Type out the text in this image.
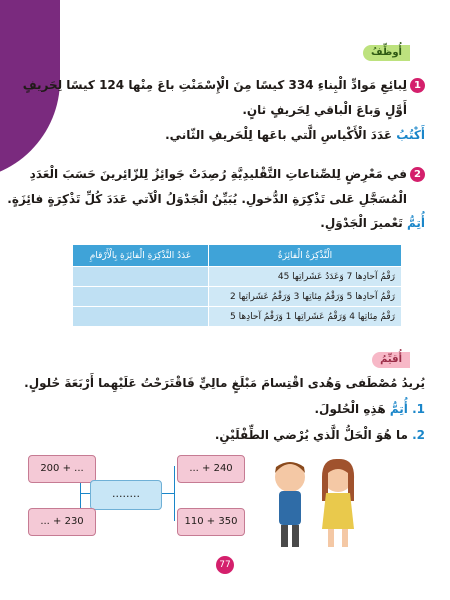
أُوظِّفُ
1
لِبائِعِ مَوادِّ الْبِناءِ 334 كيسًا مِنَ الْإِسْمَنْتِ باعَ مِنْها 124 كيسًا لِحَريفٍ
أَوَّلٍ وَباعَ الْباقي لِحَريفٍ ثانٍ.
أَكْتُبُ عَدَدَ الْأَكْياسِ الَّتي باعَها لِلْحَريفِ الثّاني.
2
في مَعْرِضٍ لِلصِّناعاتِ التَّقْليدِيَّةِ رُصِدَتْ جَوائِزُ لِلزّائِرينَ حَسَبَ الْعَدَدِ
الْمُسَجَّلِ عَلى تَذْكِرَةِ الدُّخولِ. يُبَيِّنُ الْجَدْوَلُ الْآتي عَدَدَ كُلِّ تَذْكِرَةٍ فائِزَةٍ.
أُتِمُّ تَعْميرَ الْجَدْوَلِ.
الْتَّذْكِرَةُ الْفائِزَةُ	عَدَدُ التَّذْكِرَةِ الْفائِزَةِ بِالْأَرْقامِ
رَقْمُ آحادِها 7 وَعَدَدُ عَشَراتِها 45	
رَقْمُ آحادِها 5 وَرَقْمُ مِئاتِها 3 وَرَقْمُ عَشَراتِها 2	
رَقْمُ مِئاتِها 4 وَرَقْمُ عَشَراتِها 1 وَرَقْمُ آحادِها 5	
أُقيِّمُ
يُريدُ مُصْطَفى وَهُدى اقْتِسامَ مَبْلَغٍ مالِيٍّ فَاقْتَرَحْتُ عَلَيْهِما أَرْبَعَةَ حُلولٍ.
1. أُتِمُّ هَذِهِ الْحُلولَ.
2. ما هُوَ الْحَلُّ الَّذي يُرْضي الطِّفْلَيْنِ.
200 + ...	... + 240
........
... + 230	110 + 350
77
